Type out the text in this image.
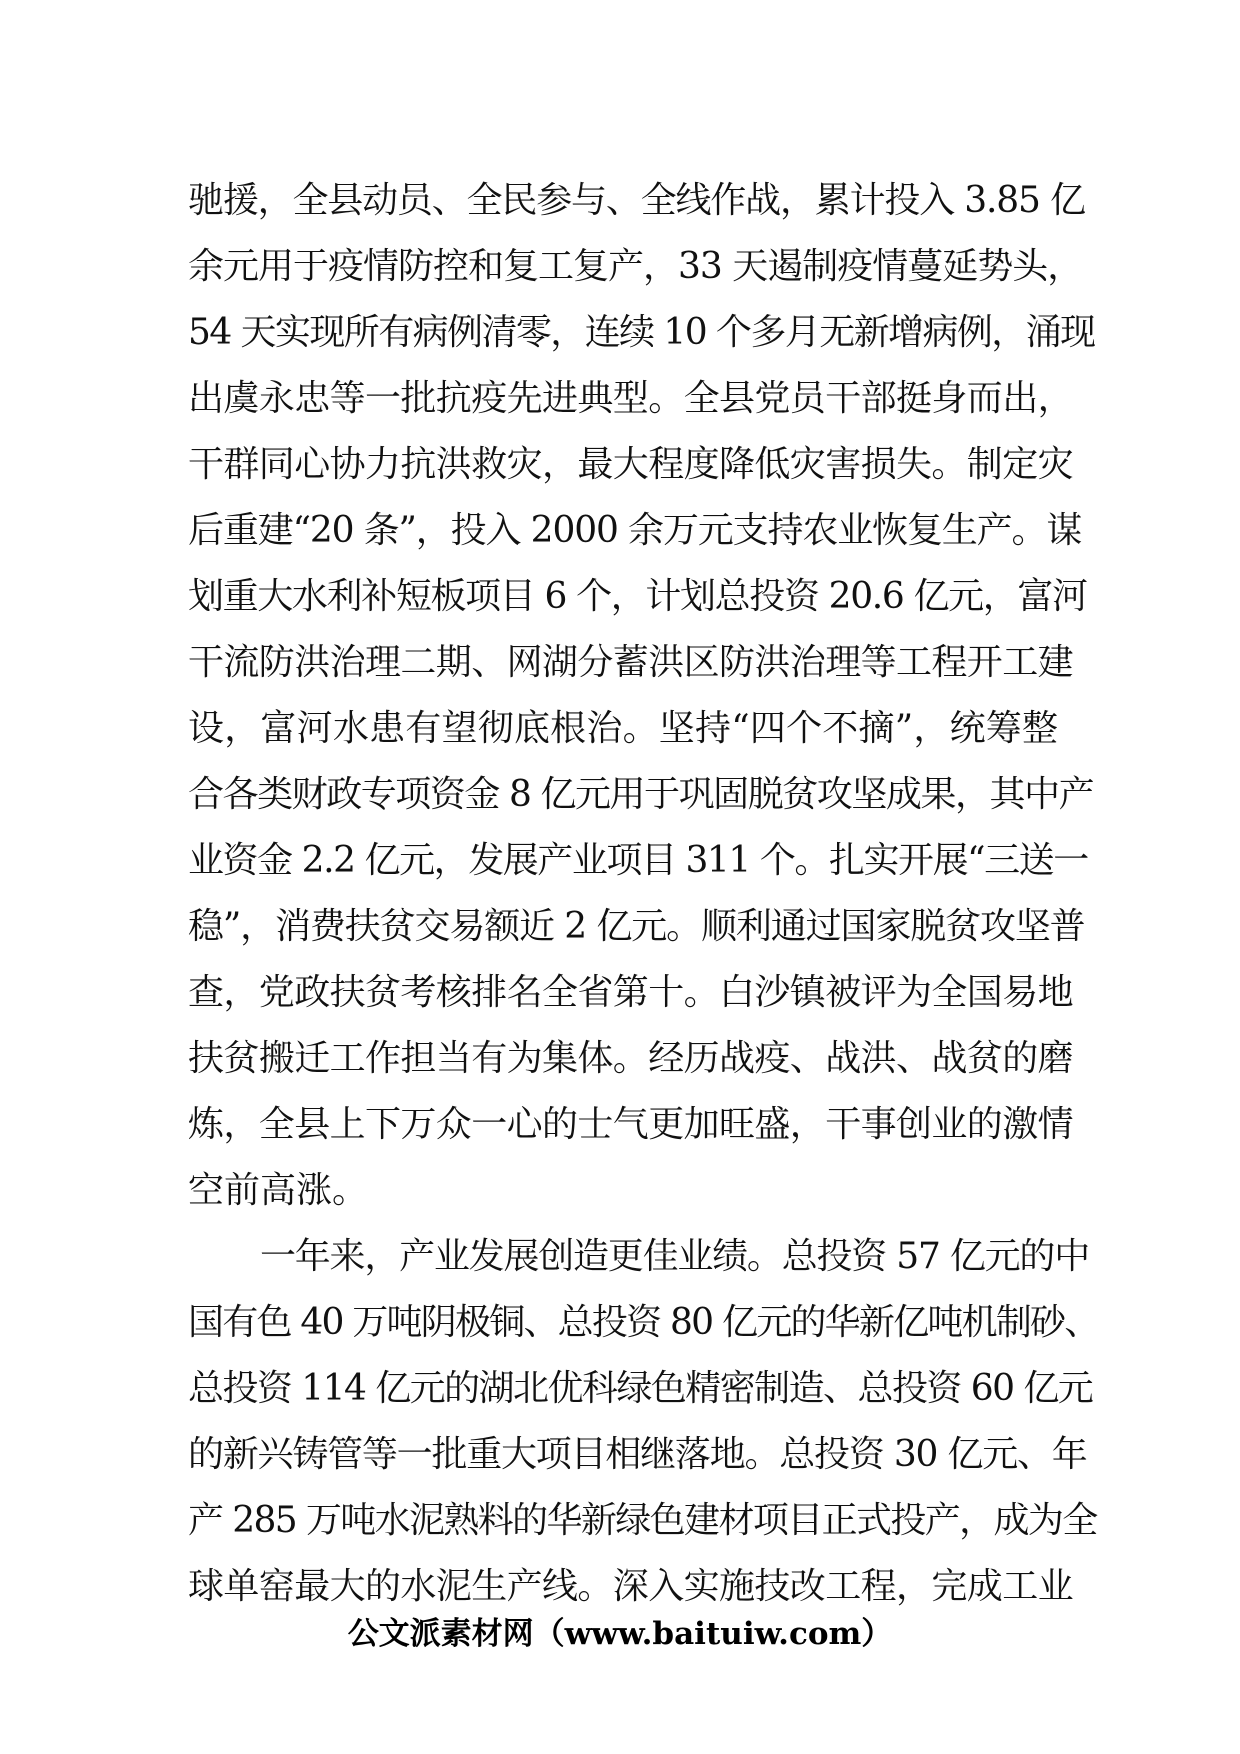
驰援，全县动员、全民参与、全线作战，累计投入 3.85 亿
余元用于疫情防控和复工复产，33 天遏制疫情蔓延势头，
54 天实现所有病例清零，连续 10 个多月无新增病例，涌现
出虞永忠等一批抗疫先进典型。全县党员干部挺身而出，
干群同心协力抗洪救灾，最大程度降低灾害损失。制定灾
后重建“20 条”，投入 2000 余万元支持农业恢复生产。谋
划重大水利补短板项目 6 个，计划总投资 20.6 亿元，富河
干流防洪治理二期、网湖分蓄洪区防洪治理等工程开工建
设，富河水患有望彻底根治。坚持“四个不摘”，统筹整
合各类财政专项资金 8 亿元用于巩固脱贫攻坚成果，其中产
业资金 2.2 亿元，发展产业项目 311 个。扎实开展“三送一
稳”，消费扶贫交易额近 2 亿元。顺利通过国家脱贫攻坚普
查，党政扶贫考核排名全省第十。白沙镇被评为全国易地
扶贫搬迁工作担当有为集体。经历战疫、战洪、战贫的磨
炼，全县上下万众一心的士气更加旺盛，干事创业的激情
空前高涨。
一年来，产业发展创造更佳业绩。总投资 57 亿元的中
国有色 40 万吨阴极铜、总投资 80 亿元的华新亿吨机制砂、
总投资 114 亿元的湖北优科绿色精密制造、总投资 60 亿元
的新兴铸管等一批重大项目相继落地。总投资 30 亿元、年
产 285 万吨水泥熟料的华新绿色建材项目正式投产，成为全
球单窑最大的水泥生产线。深入实施技改工程，完成工业
公文派素材网（www.baituiw.com）
